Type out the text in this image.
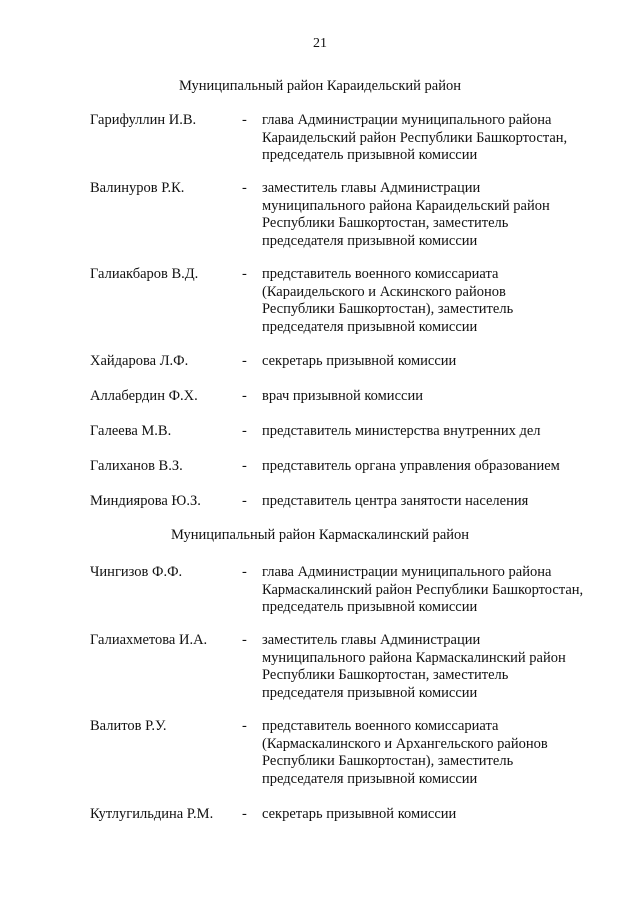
21
Муниципальный район Караидельский район
Гарифуллин И.В.	- глава Администрации муниципального района
Караидельский район Республики Башкортостан,
председатель призывной комиссии
Валинуров Р.К.	- заместитель главы Администрации
муниципального района Караидельский район
Республики Башкортостан, заместитель
председателя призывной комиссии
Галиакбаров В.Д.	- представитель военного комиссариата
(Караидельского и Аскинского районов
Республики Башкортостан), заместитель
председателя призывной комиссии
Хайдарова Л.Ф.	- секретарь призывной комиссии
Аллабердин Ф.Х.	- врач призывной комиссии
Галеева М.В.	- представитель министерства внутренних дел
Галиханов В.З.	- представитель органа управления образованием
Миндиярова Ю.З.	- представитель центра занятости населения
Муниципальный район Кармаскалинский район
Чингизов Ф.Ф.	- глава Администрации муниципального района
Кармаскалинский район Республики Башкортостан,
председатель призывной комиссии
Галиахметова И.А. - заместитель главы Администрации
муниципального района Кармаскалинский район
Республики Башкортостан, заместитель
председателя призывной комиссии
Валитов Р.У.	- представитель военного комиссариата
(Кармаскалинского и Архангельского районов
Республики Башкортостан), заместитель
председателя призывной комиссии
Кутлугильдина Р.М. - секретарь призывной комиссии
